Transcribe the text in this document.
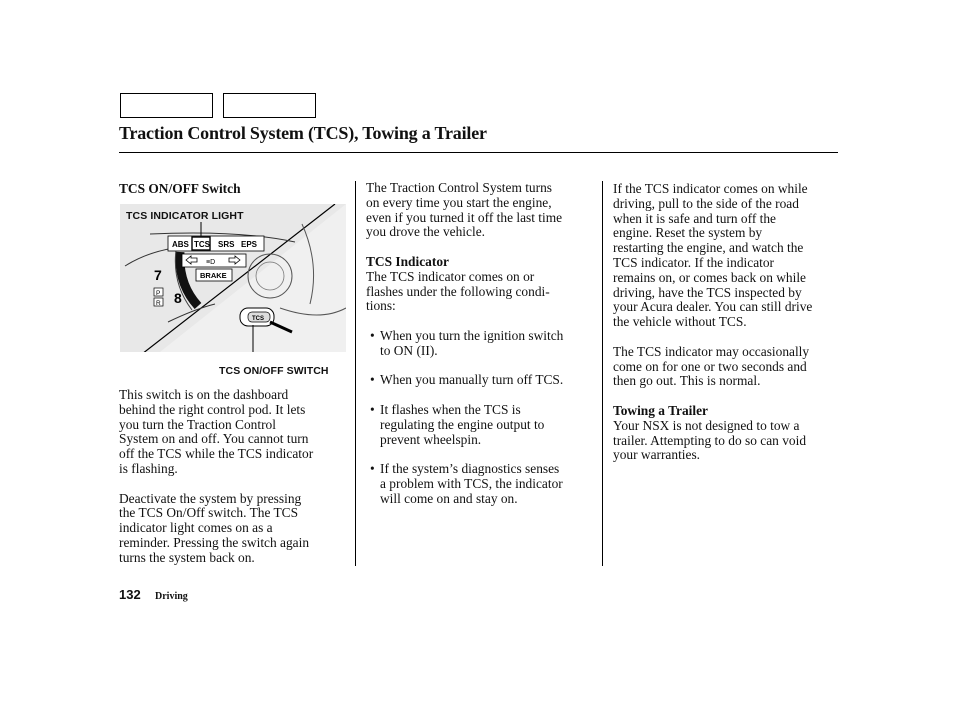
Traction Control System (TCS), Towing a Trailer

TCS ON/OFF Switch

ABS TCS SRS EPS
≡D
BRAKE
7
8
P
R
TCS
TCS INDICATOR LIGHT
TCS ON/OFF SWITCH

This switch is on the dashboard

behind the right control pod. It lets

you turn the Traction Control

System on and off. You cannot turn

off the TCS while the TCS indicator

is flashing.

Deactivate the system by pressing

the TCS On/Off switch. The TCS

indicator light comes on as a

reminder. Pressing the switch again

turns the system back on.

The Traction Control System turns

on every time you start the engine,

even if you turned it off the last time

you drove the vehicle.

TCS Indicator

The TCS indicator comes on or

flashes under the following condi-

tions:

• When you turn the ignition switch

to ON (II).

• When you manually turn off TCS.

• It flashes when the TCS is

regulating the engine output to

prevent wheelspin.

• If the system’s diagnostics senses

a problem with TCS, the indicator

will come on and stay on.

If the TCS indicator comes on while

driving, pull to the side of the road

when it is safe and turn off the

engine. Reset the system by

restarting the engine, and watch the

TCS indicator. If the indicator

remains on, or comes back on while

driving, have the TCS inspected by

your Acura dealer. You can still drive

the vehicle without TCS.

The TCS indicator may occasionally

come on for one or two seconds and

then go out. This is normal.

Towing a Trailer

Your NSX is not designed to tow a

trailer. Attempting to do so can void

your warranties.

132 Driving
